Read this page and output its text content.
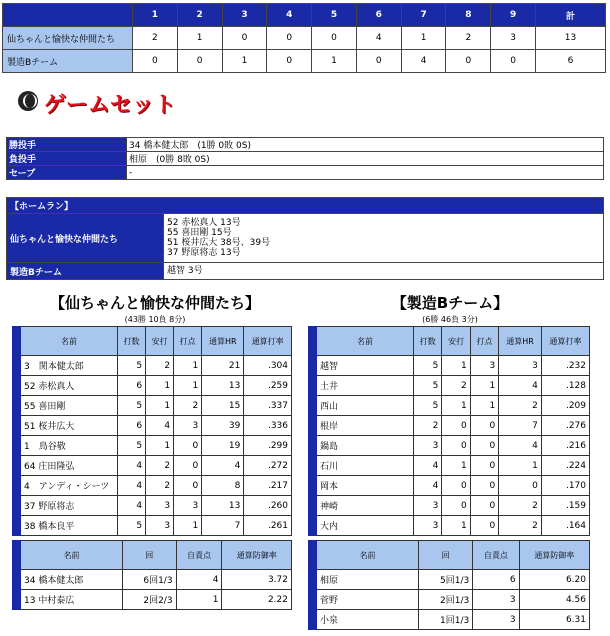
	1	2	3	4	5	6	7	8	9	計
仙ちゃんと愉快な仲間たち	2	1	0	0	0	4	1	2	3	13
製造Bチーム	0	0	1	0	1	0	4	0	0	6
ゲームセット
勝投手	34 橋本健太郎　(1勝 0敗 0S)
負投手	相原　(0勝 8敗 0S)
セーブ	-
【ホームラン】	
仙ちゃんと愉快な仲間たち	52 赤松真人 13号
55 喜田剛 15号
51 桜井広大 38号、39号
37 野原将志 13号

製造Bチーム	越智 3号
【仙ちゃんと愉快な仲間たち】
(43勝 10負 8分)
【製造Bチーム】
(6勝 46負 3分)
	名前	打数	安打	打点	通算HR	通算打率
	3　関本健太郎	5	2	1	21	.304
	52 赤松真人	6	1	1	13	.259
	55 喜田剛	5	1	2	15	.337
	51 桜井広大	6	4	3	39	.336
	1　鳥谷敬	5	1	0	19	.299
	64 庄田隆弘	4	2	0	4	.272
	4　アンディ・シーツ	4	2	0	8	.217
	37 野原将志	4	3	3	13	.260
	38 橋本良平	5	3	1	7	.261
	名前	打数	安打	打点	通算HR	通算打率
	越智	5	1	3	3	.232
	土井	5	2	1	4	.128
	西山	5	1	1	2	.209
	根岸	2	0	0	7	.276
	鍋島	3	0	0	4	.216
	石川	4	1	0	1	.224
	岡本	4	0	0	0	.170
	神崎	3	0	0	2	.159
	大内	3	1	0	2	.164
	名前	回	自責点	通算防御率
	34 橋本健太郎	6回1/3	4	3.72
	13 中村泰広	2回2/3	1	2.22
	名前	回	自責点	通算防御率
	相原	5回1/3	6	6.20
	菅野	2回1/3	3	4.56
	小泉	1回1/3	3	6.31
